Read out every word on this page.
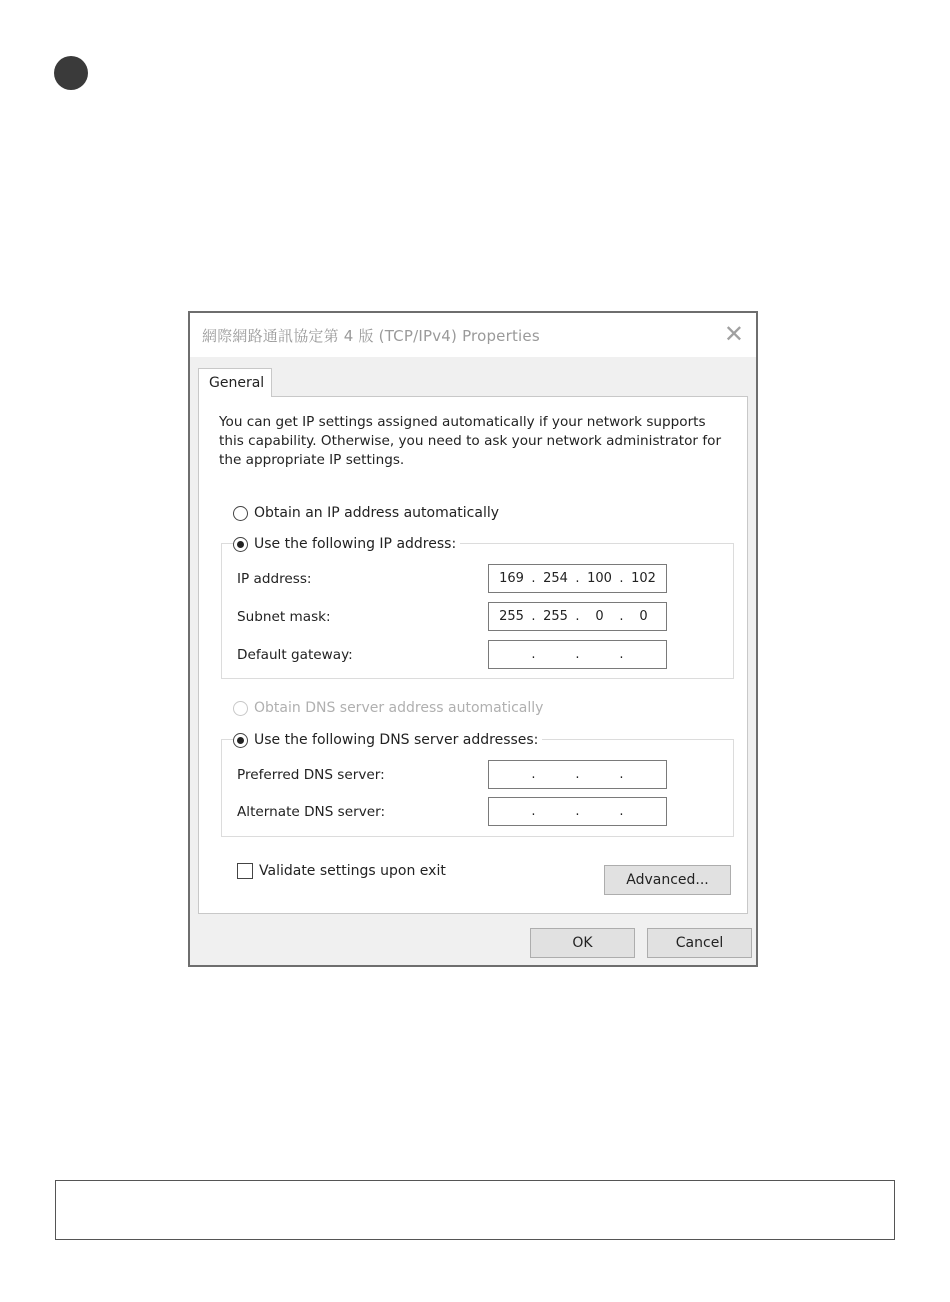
網際網路通訊協定第 4 版 (TCP/IPv4) Properties	✕
General
You can get IP settings assigned automatically if your network supports this capability. Otherwise, you need to ask your network administrator for the appropriate IP settings.
Obtain an IP address automatically
Use the following IP address:
IP address:	169 . 254 . 100 . 102
Subnet mask:	255 . 255 .	0	.	0
Default gateway:	.	.	.
Obtain DNS server address automatically
Use the following DNS server addresses:
Preferred DNS server:	.	.	.
Alternate DNS server:	.	.	.
Validate settings upon exit
Advanced...
OK	Cancel
